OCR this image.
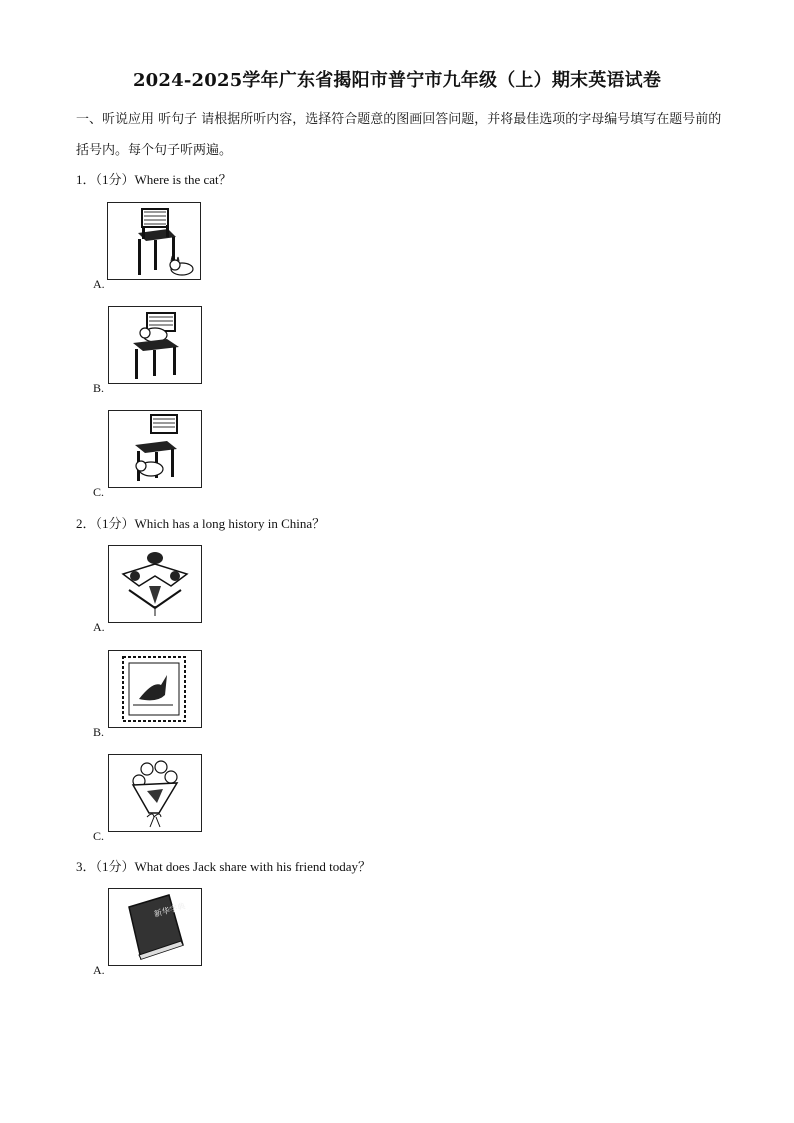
2024-2025学年广东省揭阳市普宁市九年级（上）期末英语试卷
一、听说应用 听句子 请根据所听内容，选择符合题意的图画回答问题，并将最佳选项的字母编号填写在题号前的括号内。每个句子听两遍。
1．（1分）Where is the cat？
A.
B.
C.
2．（1分）Which has a long history in China？
A.
B.
C.
3．（1分）What does Jack share with his friend today？
A.
新华字典
